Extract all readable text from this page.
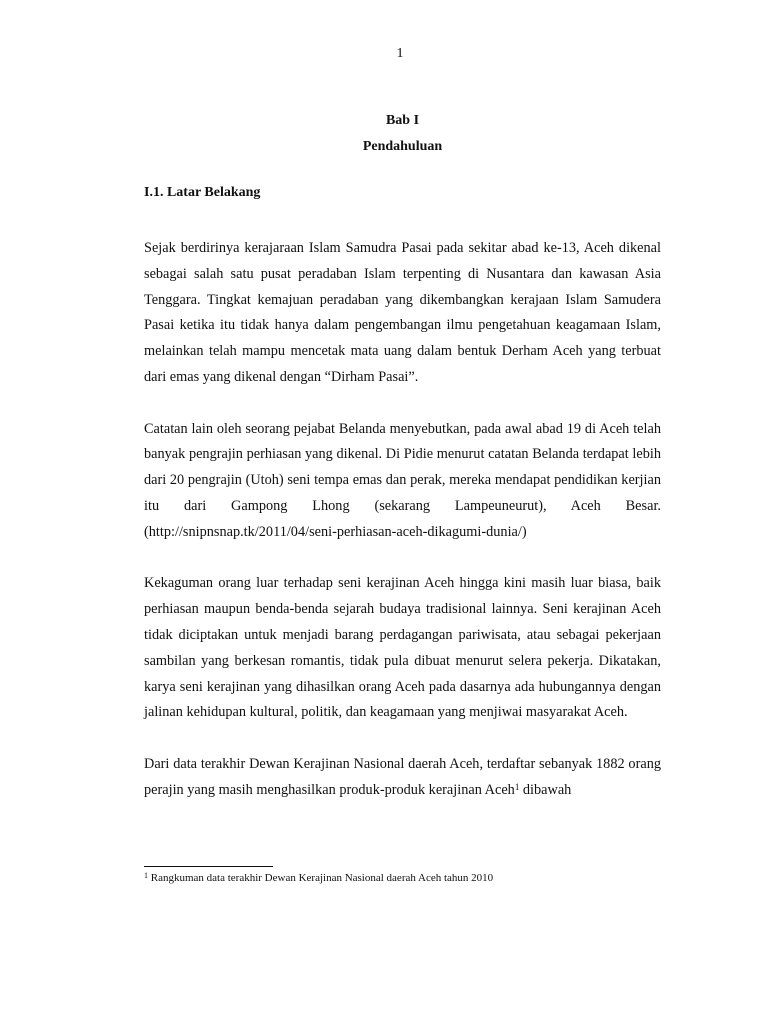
1
Bab I
Pendahuluan
I.1. Latar Belakang

Sejak berdirinya kerajaraan Islam Samudra Pasai pada sekitar abad ke-13, Aceh dikenal sebagai salah satu pusat peradaban Islam terpenting di Nusantara dan kawasan Asia Tenggara. Tingkat kemajuan peradaban yang dikembangkan kerajaan Islam Samudera Pasai ketika itu tidak hanya dalam pengembangan ilmu pengetahuan keagamaan Islam, melainkan telah mampu mencetak mata uang dalam bentuk Derham Aceh yang terbuat dari emas yang dikenal dengan “Dirham Pasai”.

Catatan lain oleh seorang pejabat Belanda menyebutkan, pada awal abad 19 di Aceh telah banyak pengrajin perhiasan yang dikenal. Di Pidie menurut catatan Belanda terdapat lebih dari 20 pengrajin (Utoh) seni tempa emas dan perak, mereka mendapat pendidikan kerjian itu dari Gampong Lhong (sekarang Lampeuneurut), Aceh Besar. (http://snipnsnap.tk/2011/04/seni-perhiasan-aceh-dikagumi-dunia/)

Kekaguman orang luar terhadap seni kerajinan Aceh hingga kini masih luar biasa, baik perhiasan maupun benda-benda sejarah budaya tradisional lainnya. Seni kerajinan Aceh tidak diciptakan untuk menjadi barang perdagangan pariwisata, atau sebagai pekerjaan sambilan yang berkesan romantis, tidak pula dibuat menurut selera pekerja. Dikatakan, karya seni kerajinan yang dihasilkan orang Aceh pada dasarnya ada hubungannya dengan jalinan kehidupan kultural, politik, dan keagamaan yang menjiwai masyarakat Aceh.

Dari data terakhir Dewan Kerajinan Nasional daerah Aceh, terdaftar sebanyak 1882 orang perajin yang masih menghasilkan produk-produk kerajinan Aceh$^1$ dibawah

$^1$ Rangkuman data terakhir Dewan Kerajinan Nasional daerah Aceh tahun 2010
